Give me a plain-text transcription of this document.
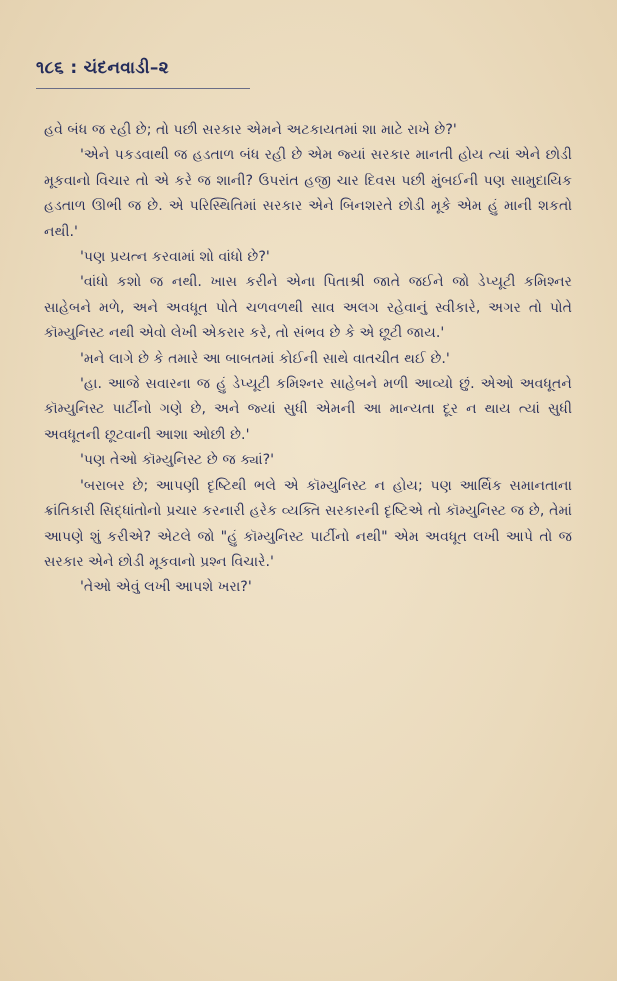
૧૮૬ : ચંદનવાડી–૨

હવે બંધ જ રહી છે; તો પછી સરકાર એમને અટકાયતમાં શા માટે રાખે છે?'

'એને પકડવાથી જ હડતાળ બંધ રહી છે એમ જ્યાં સરકાર માનતી હોય ત્યાં એને છોડી મૂકવાનો વિચાર તો એ કરે જ શાની? ઉપરાંત હજી ચાર દિવસ પછી મુંબઈની પણ સામુદાયિક હડતાળ ઊભી જ છે. એ પરિસ્થિતિમાં સરકાર એને બિનશરતે છોડી મૂકે એમ હું માની શકતો નથી.'

'પણ પ્રયત્ન કરવામાં શો વાંધો છે?'

'વાંધો કશો જ નથી. ખાસ કરીને એના પિતાશ્રી જાતે જઈને જો ડેપ્યૂટી કમિશ્નર સાહેબને મળે, અને અવધૂત પોતે ચળવળથી સાવ અલગ રહેવાનું સ્વીકારે, અગર તો પોતે કૉમ્યુનિસ્ટ નથી એવો લેખી એકરાર કરે, તો સંભવ છે કે એ છૂટી જાય.'

'મને લાગે છે કે તમારે આ બાબતમાં કોઈની સાથે વાતચીત થઈ છે.'

'હા. આજે સવારના જ હું ડેપ્યૂટી કમિશ્નર સાહેબને મળી આવ્યો છું. એઓ અવધૂતને કૉમ્યુનિસ્ટ પાર્ટીનો ગણે છે, અને જ્યાં સુધી એમની આ માન્યતા દૂર ન થાય ત્યાં સુધી અવધૂતની છૂટવાની આશા ઓછી છે.'

'પણ તેઓ કૉમ્યુનિસ્ટ છે જ ક્યાં?'

'બરાબર છે; આપણી દૃષ્ટિથી ભલે એ કૉમ્યુનિસ્ટ ન હોય; પણ આર્થિક સમાનતાના ક્રાંતિકારી સિદ્ધાંતોનો પ્રચાર કરનારી હરેક વ્યક્તિ સરકારની દૃષ્ટિએ તો કૉમ્યુનિસ્ટ જ છે, તેમાં આપણે શું કરીએ? એટલે જો "હું કૉમ્યુનિસ્ટ પાર્ટીનો નથી" એમ અવધૂત લખી આપે તો જ સરકાર એને છોડી મૂકવાનો પ્રશ્ન વિચારે.'

'તેઓ એવું લખી આપશે ખરા?'
